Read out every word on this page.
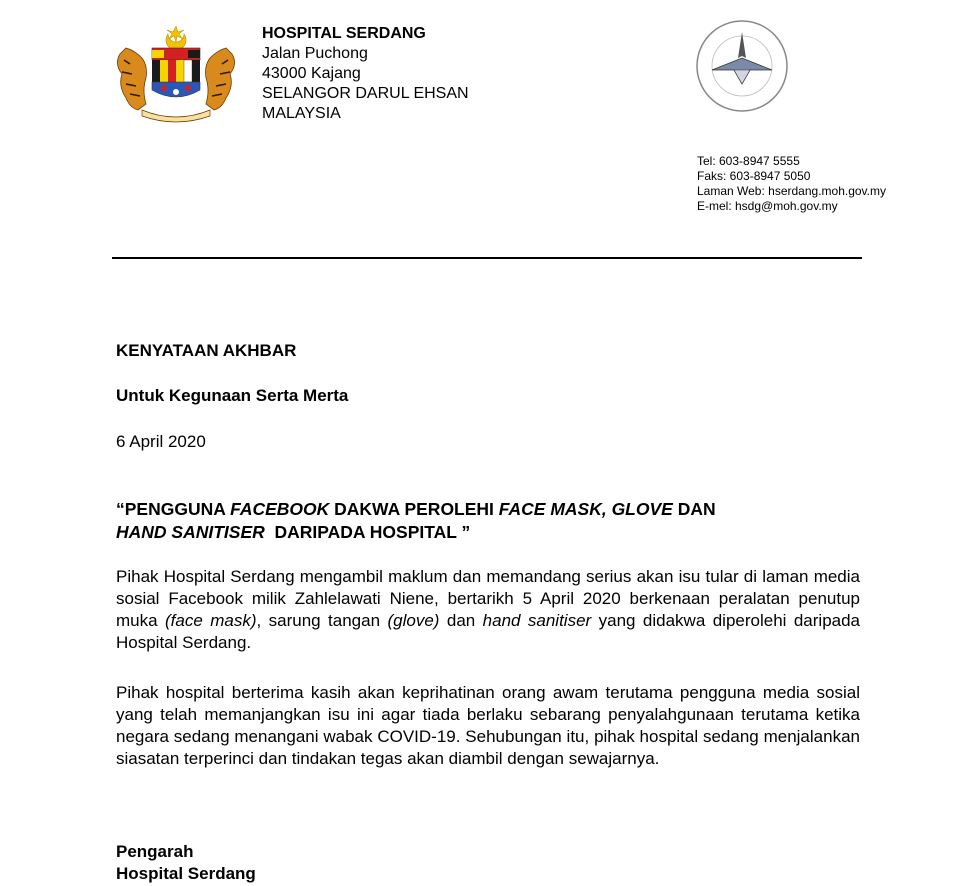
HOSPITAL SERDANG
Jalan Puchong
43000 Kajang
SELANGOR DARUL EHSAN
MALAYSIA
Tel: 603-8947 5555
Faks: 603-8947 5050
Laman Web: hserdang.moh.gov.my
E-mel: hsdg@moh.gov.my
KENYATAAN AKHBAR
Untuk Kegunaan Serta Merta
6 April 2020
“PENGGUNA FACEBOOK DAKWA PEROLEHI FACE MASK, GLOVE DAN
HAND SANITISER  DARIPADA HOSPITAL ”
Pihak Hospital Serdang mengambil maklum dan memandang serius akan isu tular di laman media sosial Facebook milik Zahlelawati Niene, bertarikh 5 April 2020 berkenaan peralatan penutup muka (face mask), sarung tangan (glove) dan hand sanitiser yang didakwa diperolehi daripada Hospital Serdang.
Pihak hospital berterima kasih akan keprihatinan orang awam terutama pengguna media sosial yang telah memanjangkan isu ini agar tiada berlaku sebarang penyalahgunaan terutama ketika negara sedang menangani wabak COVID-19. Sehubungan itu, pihak hospital sedang menjalankan siasatan terperinci dan tindakan tegas akan diambil dengan sewajarnya.
Pengarah
Hospital Serdang
